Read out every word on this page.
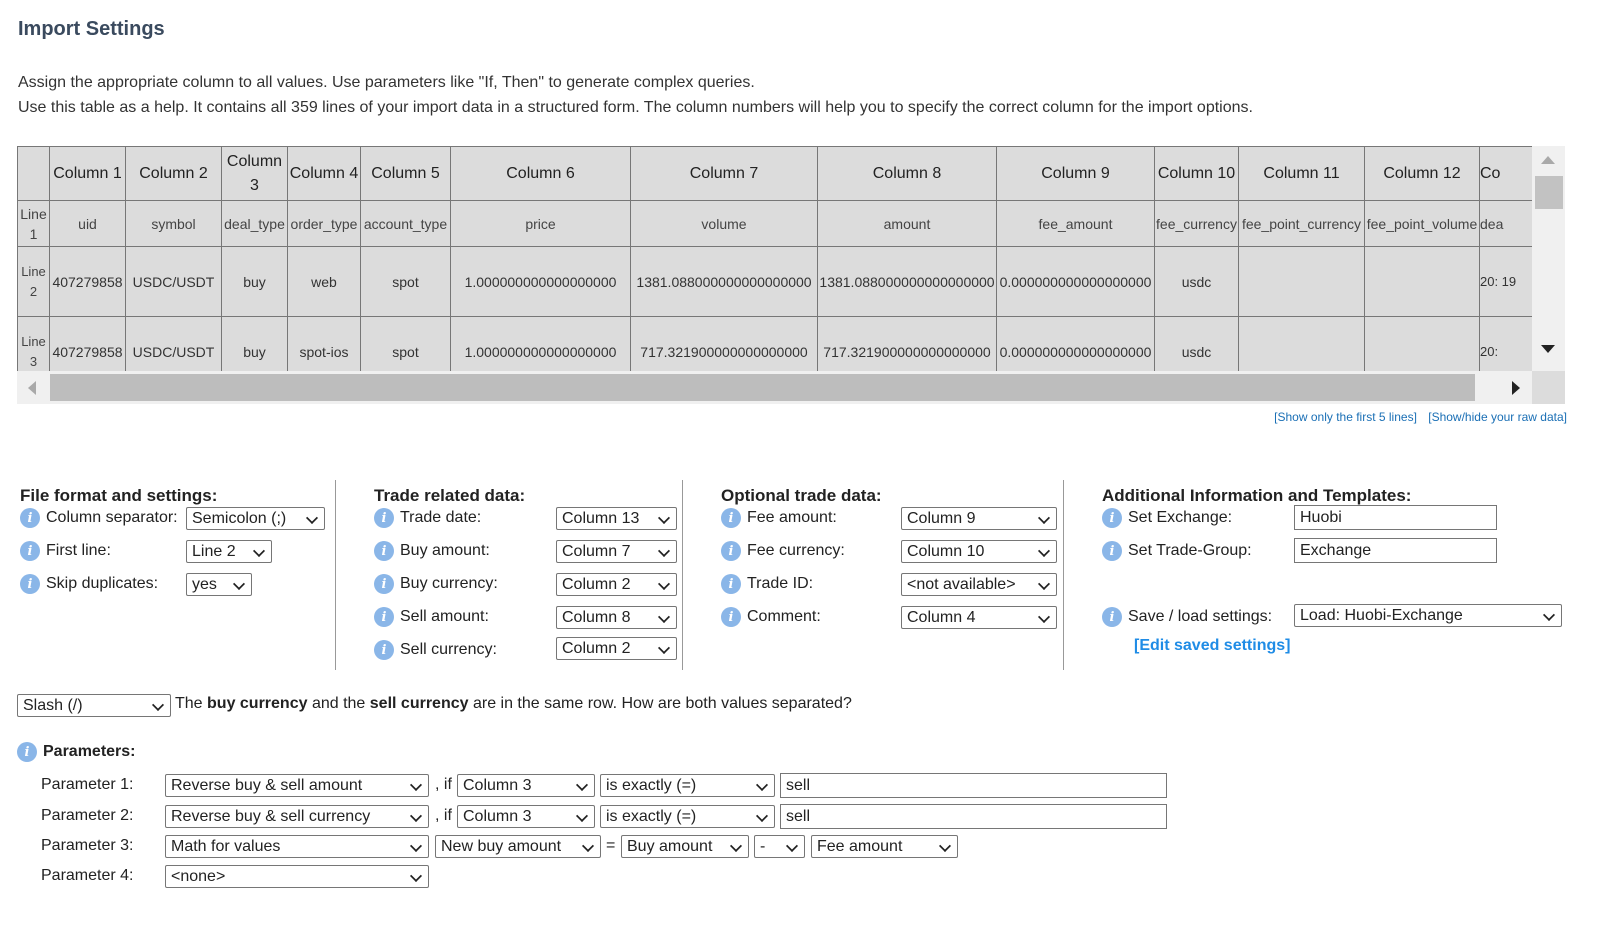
Import Settings
Assign the appropriate column to all values. Use parameters like "If, Then" to generate complex queries.
Use this table as a help. It contains all 359 lines of your import data in a structured form. The column numbers will help you to specify the correct column for the import options.
	Column 1	Column 2	Column 3	Column 4	Column 5	Column 6	Column 7	Column 8	Column 9	Column 10	Column 11	Column 12	Co
Line 1	uid	symbol	deal_type	order_type	account_type	price	volume	amount	fee_amount	fee_currency	fee_point_currency	fee_point_volume	dea
Line 2	407279858	USDC/USDT	buy	web	spot	1.000000000000000000	1381.088000000000000000	1381.088000000000000000	0.000000000000000000	usdc			20: 19
Line 3	407279858	USDC/USDT	buy	spot-ios	spot	1.000000000000000000	717.321900000000000000	717.321900000000000000	0.000000000000000000	usdc			20:
[Show only the first 5 lines] [Show/hide your raw data]
File format and settings:
i Column separator: Semicolon (;)
i First line:	Line 2
i Skip duplicates:	yes
Trade related data:
i Trade date:	Column 13
i Buy amount:	Column 7
i Buy currency:	Column 2
i Sell amount:	Column 8
i Sell currency:	Column 2
Optional trade data:
i Fee amount:	Column 9
i Fee currency:	Column 10
i Trade ID:	<not available>
i Comment:	Column 4
Additional Information and Templates:
i Set Exchange:	Huobi
i Set Trade-Group:	Exchange
i Save / load settings:	Load: Huobi-Exchange
[Edit saved settings]
Slash (/)	The buy currency and the sell currency are in the same row. How are both values separated?
i Parameters:
Parameter 1:	Reverse buy & sell amount	, if Column 3	is exactly (=)	sell
Parameter 2:	Reverse buy & sell currency	, if Column 3	is exactly (=)	sell
Parameter 3:	Math for values	New buy amount	= Buy amount	-	Fee amount
Parameter 4:	<none>
